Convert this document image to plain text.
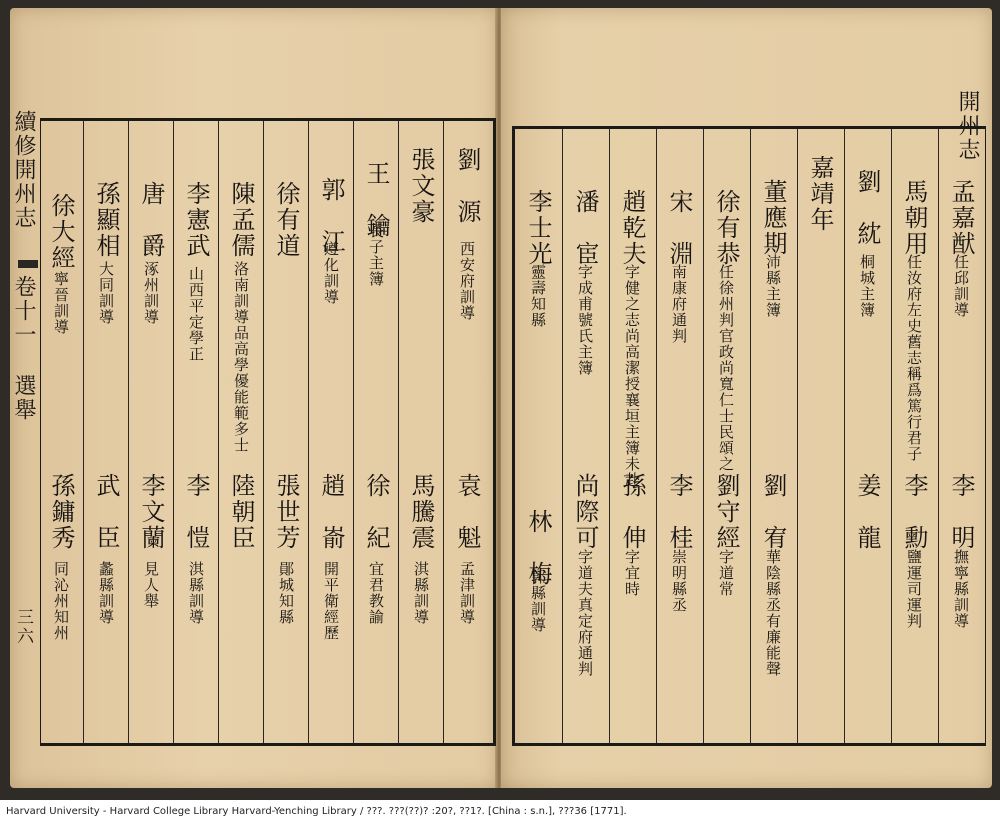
續修開州志
卷十一 選舉
三六
劉　源
西安府訓導
袁　魁
孟津訓導
張文豪
馬騰震
淇縣訓導
王　鑰
長子主簿
徐　紀
宜君教諭
郭　江
遵化訓導
趙　嵛
開平衛經歷
徐有道
張世芳
鄖城知縣
陳孟儒
洛南訓導品高學優能範多士
陸朝臣
李憲武
山西平定學正
李　愷
淇縣訓導
唐　爵
涿州訓導
李文蘭
見人舉
孫顯相
大同訓導
武　臣
蠡縣訓導
徐大經
寧晉訓導
孫鏞秀
同沁州知州
孟嘉猷
任邱訓導
李　明
撫寧縣訓導
馬朝用
任汝府左史舊志稱爲篤行君子
李　勳
鹽運司運判
劉　紞
桐城主簿
姜　龍
嘉靖年
董應期
沛縣主簿
劉　宥
華陰縣丞有廉能聲
徐有恭
任徐州判官政尚寬仁士民頌之
劉守經
字道常
宋　淵
南康府通判
李　桂
崇明縣丞
趙乾夫
字健之志尚高潔授襄垣主簿未赴
孫　伸
字宜時
潘　宦
字成甫號氏主簿
尚際可
字道夫真定府通判
李士光
靈壽知縣
林　梅
郭縣訓導
Harvard University - Harvard College Library Harvard-Yenching Library / ???. ???(??)? :20?, ??1?. [China : s.n.], ???36 [1771].
